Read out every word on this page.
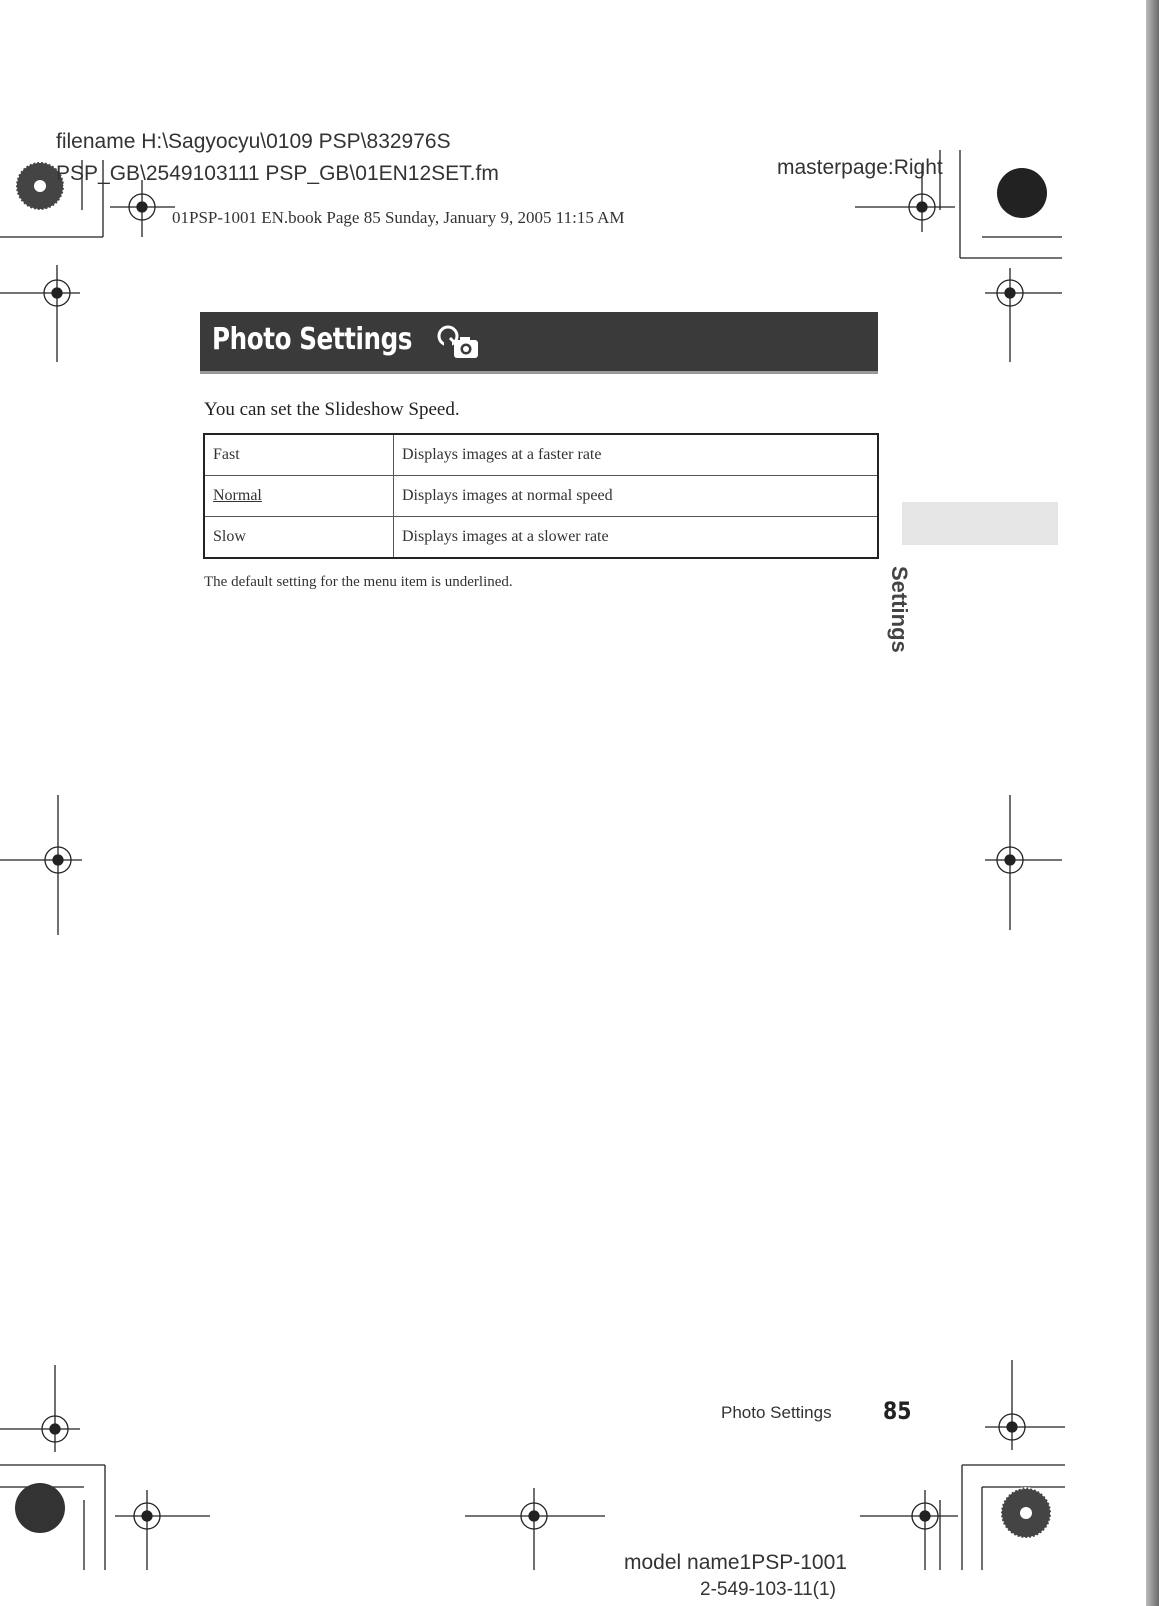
filename H:\Sagyocyu\0109 PSP\832976S
PSP_GB\2549103111 PSP_GB\01EN12SET.fm	masterpage:Right
01PSP-1001 EN.book Page 85 Sunday, January 9, 2005 11:15 AM
Photo Settings
You can set the Slideshow Speed.
Fast	Displays images at a faster rate
Normal	Displays images at normal speed
Slow	Displays images at a slower rate
The default setting for the menu item is underlined.	Settings
Photo Settings 85
model name1PSP-1001
2-549-103-11(1)
